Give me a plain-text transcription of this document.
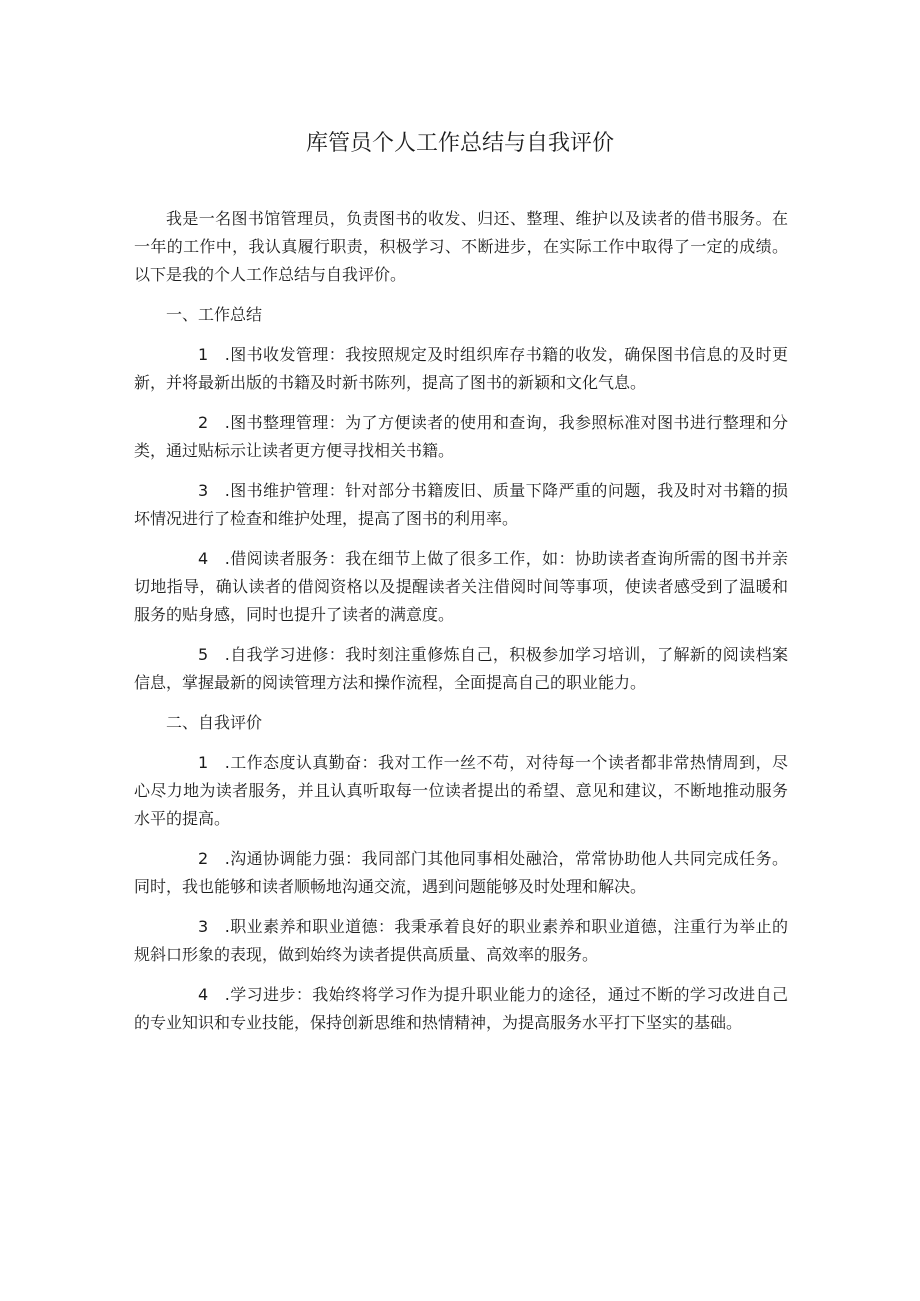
库管员个人工作总结与自我评价

我是一名图书馆管理员，负责图书的收发、归还、整理、维护以及读者的借书服务。在一年的工作中，我认真履行职责，积极学习、不断进步，在实际工作中取得了一定的成绩。以下是我的个人工作总结与自我评价。

一、工作总结

1 .图书收发管理：我按照规定及时组织库存书籍的收发，确保图书信息的及时更新，并将最新出版的书籍及时新书陈列，提高了图书的新颖和文化气息。

2 .图书整理管理：为了方便读者的使用和查询，我参照标准对图书进行整理和分类，通过贴标示让读者更方便寻找相关书籍。

3 .图书维护管理：针对部分书籍废旧、质量下降严重的问题，我及时对书籍的损坏情况进行了检查和维护处理，提高了图书的利用率。

4 .借阅读者服务：我在细节上做了很多工作，如：协助读者查询所需的图书并亲切地指导，确认读者的借阅资格以及提醒读者关注借阅时间等事项，使读者感受到了温暖和服务的贴身感，同时也提升了读者的满意度。

5 .自我学习进修：我时刻注重修炼自己，积极参加学习培训，了解新的阅读档案信息，掌握最新的阅读管理方法和操作流程，全面提高自己的职业能力。

二、自我评价

1 .工作态度认真勤奋：我对工作一丝不苟，对待每一个读者都非常热情周到，尽心尽力地为读者服务，并且认真听取每一位读者提出的希望、意见和建议，不断地推动服务水平的提高。

2 .沟通协调能力强：我同部门其他同事相处融洽，常常协助他人共同完成任务。同时，我也能够和读者顺畅地沟通交流，遇到问题能够及时处理和解决。

3 .职业素养和职业道德：我秉承着良好的职业素养和职业道德，注重行为举止的规斜口形象的表现，做到始终为读者提供高质量、高效率的服务。

4 .学习进步：我始终将学习作为提升职业能力的途径，通过不断的学习改进自己的专业知识和专业技能，保持创新思维和热情精神，为提高服务水平打下坚实的基础。
